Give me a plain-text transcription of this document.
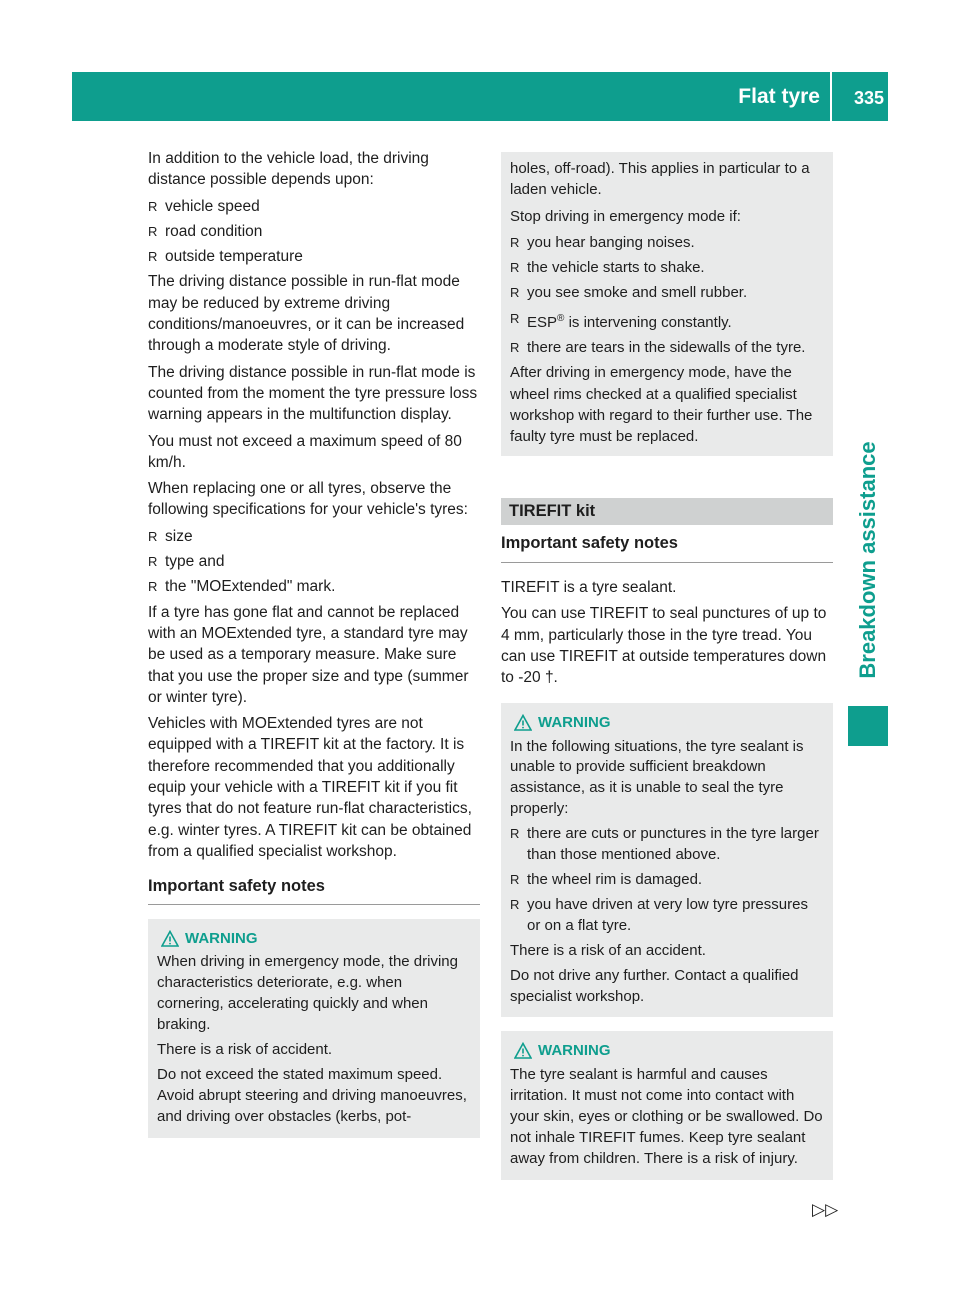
Flat tyre 335
Breakdown assistance

In addition to the vehicle load, the driving distance possible depends upon:

R vehicle speed
R road condition
R outside temperature

The driving distance possible in run-flat mode may be reduced by extreme driving conditions/manoeuvres, or it can be increased through a moderate style of driving.

The driving distance possible in run-flat mode is counted from the moment the tyre pressure loss warning appears in the multifunction display.

You must not exceed a maximum speed of 80 km/h.

When replacing one or all tyres, observe the following specifications for your vehicle's tyres:

R size
R type and
R the "MOExtended" mark.

If a tyre has gone flat and cannot be replaced with an MOExtended tyre, a standard tyre may be used as a temporary measure. Make sure that you use the proper size and type (summer or winter tyre).

Vehicles with MOExtended tyres are not equipped with a TIREFIT kit at the factory. It is therefore recommended that you additionally equip your vehicle with a TIREFIT kit if you fit tyres that do not feature run-flat characteristics, e.g. winter tyres. A TIREFIT kit can be obtained from a qualified specialist workshop.

Important safety notes
WARNING

When driving in emergency mode, the driving characteristics deteriorate, e.g. when cornering, accelerating quickly and when braking.

There is a risk of accident.

Do not exceed the stated maximum speed. Avoid abrupt steering and driving manoeuvres, and driving over obstacles (kerbs, pot-

holes, off-road). This applies in particular to a laden vehicle.

Stop driving in emergency mode if:

R you hear banging noises.
R the vehicle starts to shake.
R you see smoke and smell rubber.
R ESP® is intervening constantly.
R there are tears in the sidewalls of the tyre.

After driving in emergency mode, have the wheel rims checked at a qualified specialist workshop with regard to their further use. The faulty tyre must be replaced.

TIREFIT kit
Important safety notes

TIREFIT is a tyre sealant.

You can use TIREFIT to seal punctures of up to 4 mm, particularly those in the tyre tread. You can use TIREFIT at outside temperatures down to ‑20 †.

WARNING

In the following situations, the tyre sealant is unable to provide sufficient breakdown assistance, as it is unable to seal the tyre properly:

R there are cuts or punctures in the tyre larger than those mentioned above.
R the wheel rim is damaged.
R you have driven at very low tyre pressures or on a flat tyre.

There is a risk of an accident.

Do not drive any further. Contact a qualified specialist workshop.

WARNING

The tyre sealant is harmful and causes irritation. It must not come into contact with your skin, eyes or clothing or be swallowed. Do not inhale TIREFIT fumes. Keep tyre sealant away from children. There is a risk of injury.

▷▷
